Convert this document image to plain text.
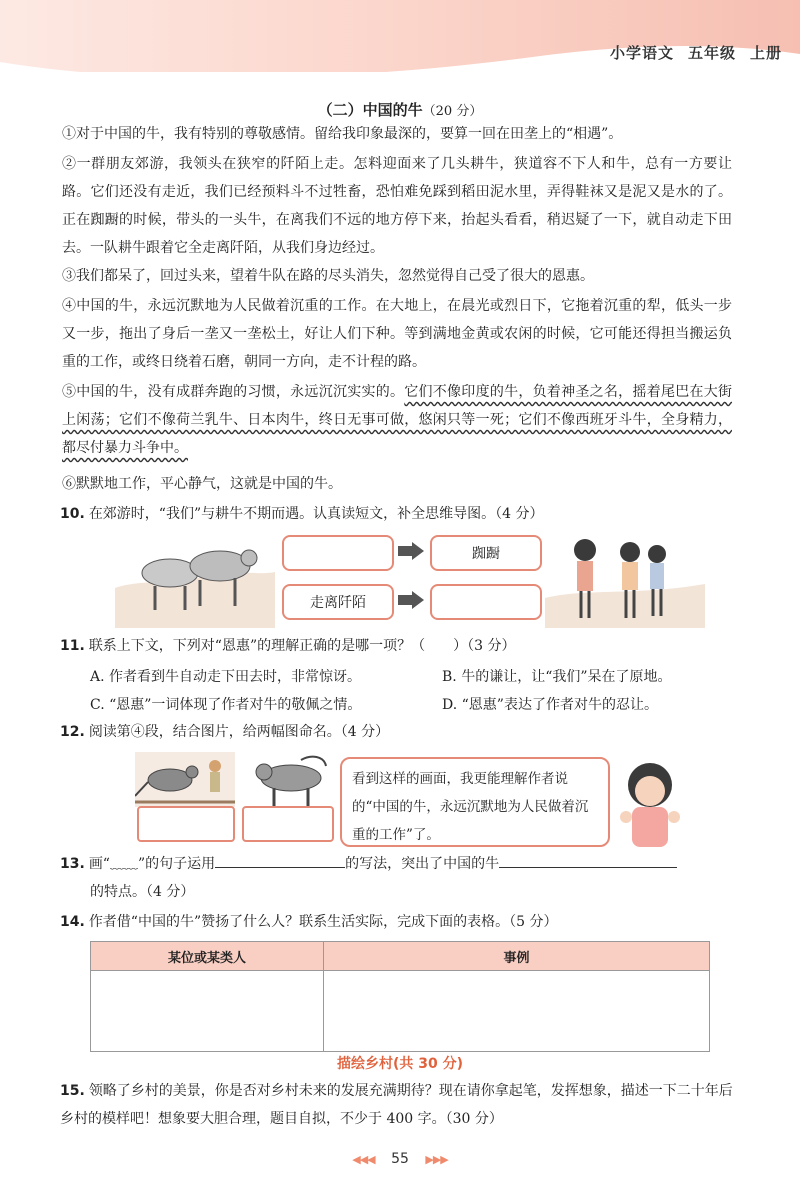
小学语文 五年级 上册
（二）中国的牛（20 分）
①对于中国的牛，我有特别的尊敬感情。留给我印象最深的，要算一回在田垄上的“相遇”。
②一群朋友郊游，我领头在狭窄的阡陌上走。怎料迎面来了几头耕牛，狭道容不下人和牛，总有一方要让路。它们还没有走近，我们已经预料斗不过牲畜，恐怕难免踩到稻田泥水里，弄得鞋袜又是泥又是水的了。正在踟蹰的时候，带头的一头牛，在离我们不远的地方停下来，抬起头看看，稍迟疑了一下，就自动走下田去。一队耕牛跟着它全走离阡陌，从我们身边经过。
③我们都呆了，回过头来，望着牛队在路的尽头消失，忽然觉得自己受了很大的恩惠。
④中国的牛，永远沉默地为人民做着沉重的工作。在大地上，在晨光或烈日下，它拖着沉重的犁，低头一步又一步，拖出了身后一垄又一垄松土，好让人们下种。等到满地金黄或农闲的时候，它可能还得担当搬运负重的工作，或终日绕着石磨，朝同一方向，走不计程的路。
⑤中国的牛，没有成群奔跑的习惯，永远沉沉实实的。它们不像印度的牛，负着神圣之名，摇着尾巴在大街上闲荡；它们不像荷兰乳牛、日本肉牛，终日无事可做，悠闲只等一死；它们不像西班牙斗牛，全身精力，都尽付暴力斗争中。
⑥默默地工作，平心静气，这就是中国的牛。
10. 在郊游时，“我们”与耕牛不期而遇。认真读短文，补全思维导图。（4 分）
踟蹰
走离阡陌
11. 联系上下文，下列对“恩惠”的理解正确的是哪一项？（　　）（3 分）
A. 作者看到牛自动走下田去时，非常惊讶。	B. 牛的谦让，让“我们”呆在了原地。
C. “恩惠”一词体现了作者对牛的敬佩之情。	D. “恩惠”表达了作者对牛的忍让。
12. 阅读第④段，结合图片，给两幅图命名。（4 分）
看到这样的画面，我更能理解作者说的“中国的牛，永远沉默地为人民做着沉重的工作”了。
13. 画“﹏﹏”的句子运用	的写法，突出了中国的牛
的特点。（4 分）
14. 作者借“中国的牛”赞扬了什么人？联系生活实际，完成下面的表格。（5 分）
某位或某类人	事例

描绘乡村(共 30 分)
15. 领略了乡村的美景，你是否对乡村未来的发展充满期待？现在请你拿起笔，发挥想象，描述一下二十年后乡村的模样吧！想象要大胆合理，题目自拟，不少于 400 字。（30 分）
◀◀◀ 55 ▶▶▶
